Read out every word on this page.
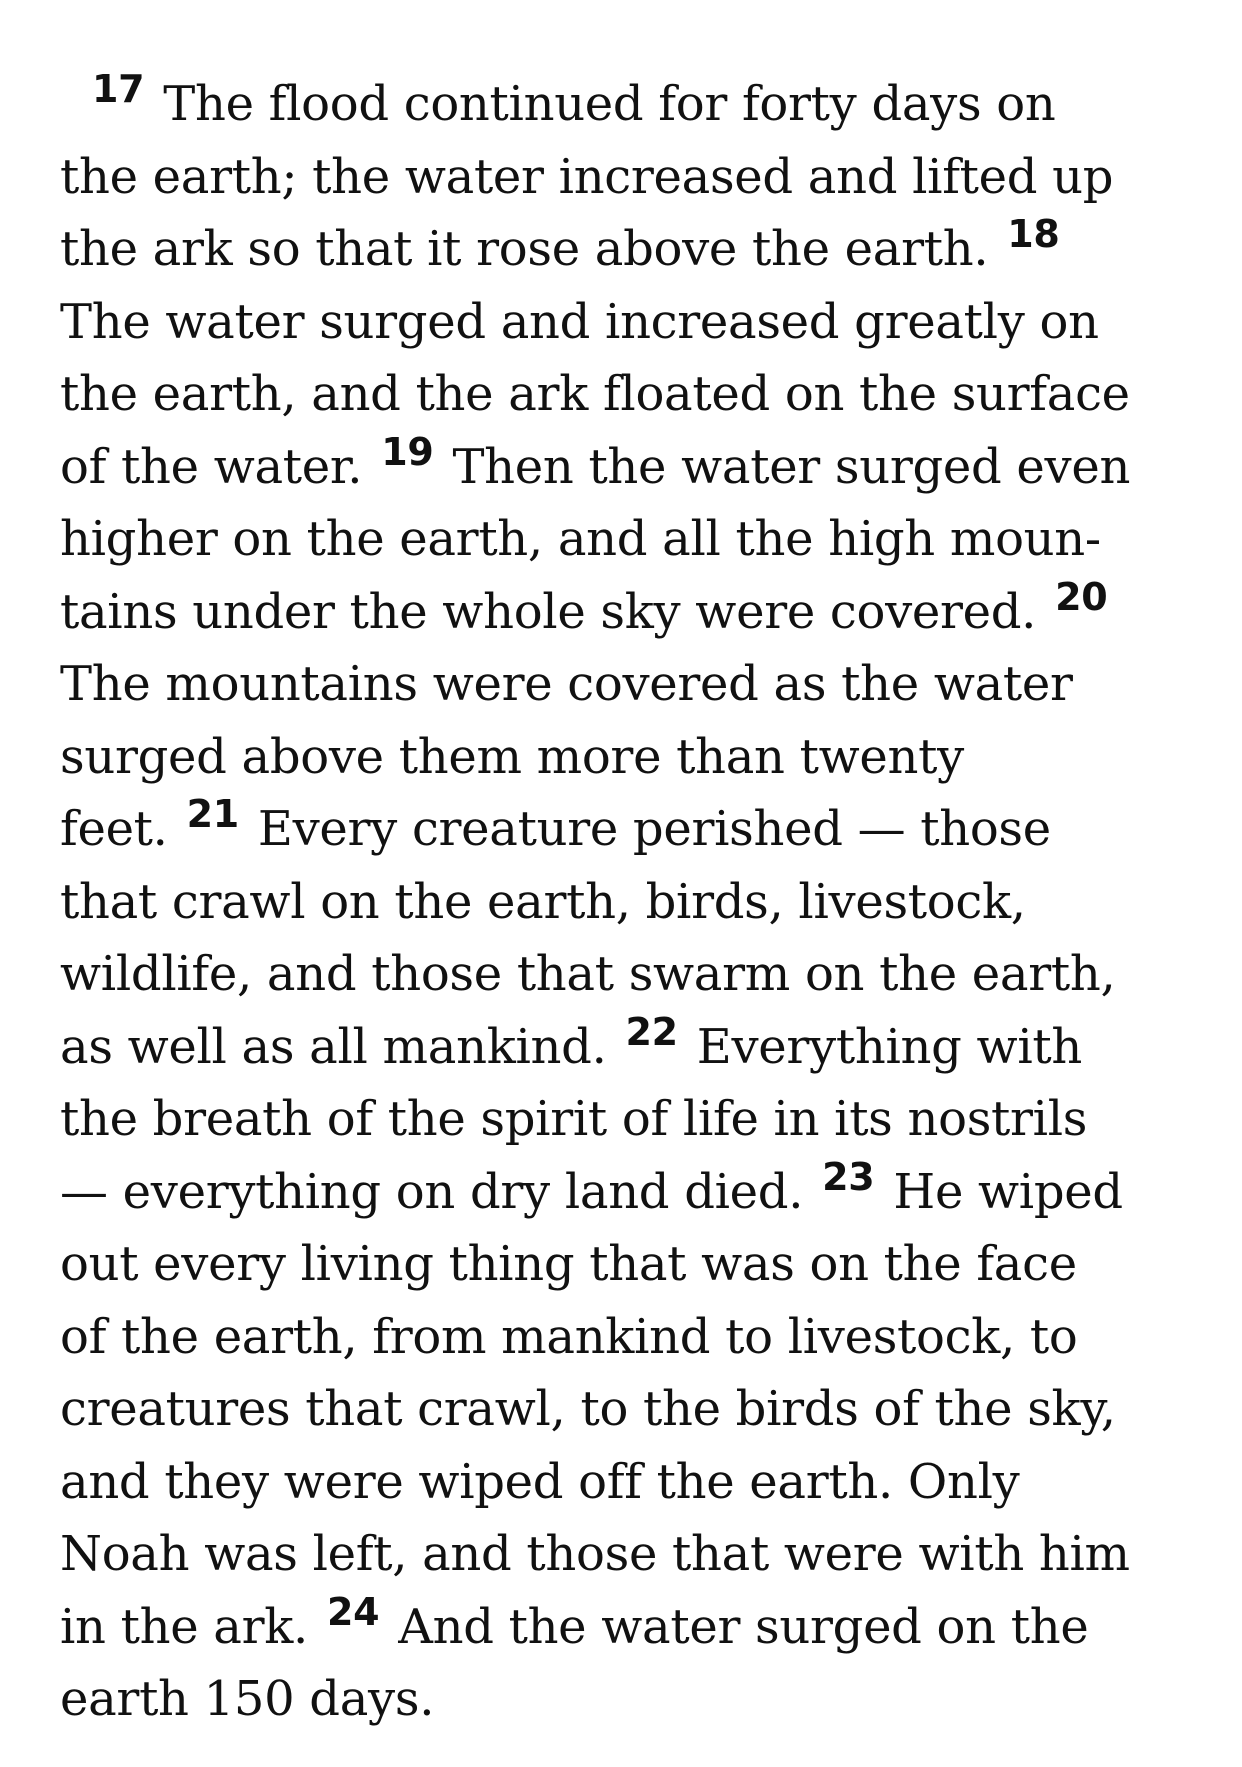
$^{17}$ The flood continued for forty days on
the earth; the water increased and lifted up
the ark so that it rose above the earth. $^{18}$
The water surged and increased greatly on
the earth, and the ark floated on the surface
of the water. $^{19}$ Then the water surged even
higher on the earth, and all the high moun-
tains under the whole sky were covered. $^{20}$
The mountains were covered as the water
surged above them more than twenty
feet. $^{21}$ Every creature perished — those
that crawl on the earth, birds, livestock,
wildlife, and those that swarm on the earth,
as well as all mankind. $^{22}$ Everything with
the breath of the spirit of life in its nostrils
— everything on dry land died. $^{23}$ He wiped
out every living thing that was on the face
of the earth, from mankind to livestock, to
creatures that crawl, to the birds of the sky,
and they were wiped off the earth. Only
Noah was left, and those that were with him
in the ark. $^{24}$ And the water surged on the
earth 150 days.
